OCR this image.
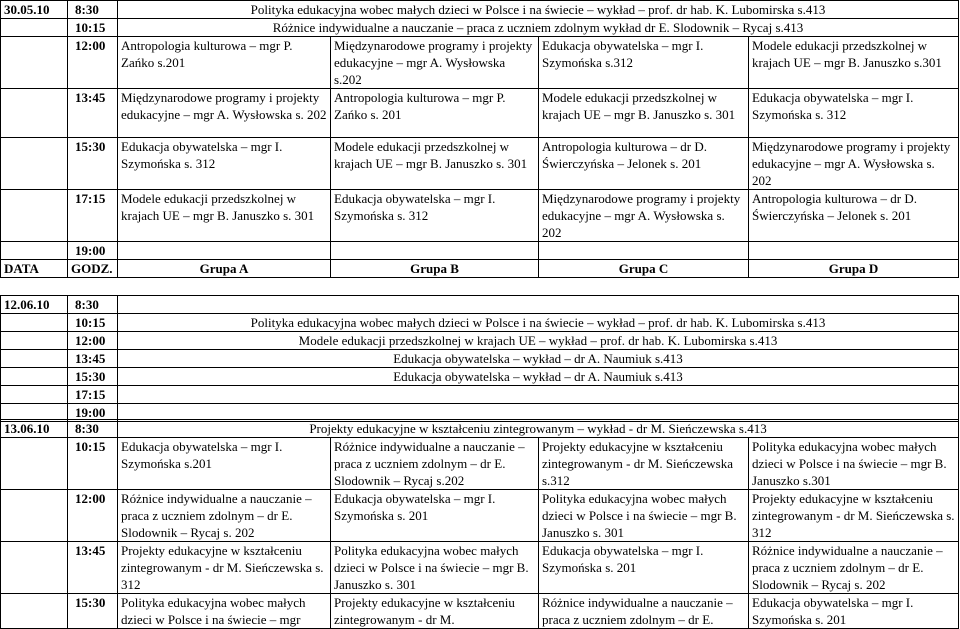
30.05.10	8:30	Polityka edukacyjna wobec małych dzieci w Polsce i na świecie – wykład – prof. dr hab. K. Lubomirska s.413			
	10:15	Różnice indywidualne a nauczanie – praca z uczniem zdolnym wykład dr E. Slodownik – Rycaj s.413			
	12:00	Antropologia kulturowa – mgr P. Zańko s.201	Międzynarodowe programy i projekty edukacyjne – mgr A. Wysłowska s.202	Edukacja obywatelska – mgr I. Szymońska s.312	Modele edukacji przedszkolnej w krajach UE – mgr B. Januszko s.301
	13:45	Międzynarodowe programy i projekty edukacyjne – mgr A. Wysłowska s. 202	Antropologia kulturowa – mgr P. Zańko s. 201	Modele edukacji przedszkolnej w krajach UE – mgr B. Januszko s. 301	Edukacja obywatelska – mgr I. Szymońska s. 312
	15:30	Edukacja obywatelska – mgr I. Szymońska s. 312	Modele edukacji przedszkolnej w krajach UE – mgr B. Januszko s. 301	Antropologia kulturowa – dr D. Świerczyńska – Jelonek s. 201	Międzynarodowe programy i projekty edukacyjne – mgr A. Wysłowska s. 202
	17:15	Modele edukacji przedszkolnej w krajach UE – mgr B. Januszko s. 301	Edukacja obywatelska – mgr I. Szymońska s. 312	Międzynarodowe programy i projekty edukacyjne – mgr A. Wysłowska s. 202	Antropologia kulturowa – dr D. Świerczyńska – Jelonek s. 201
	19:00				
DATA	GODZ.	Grupa A	Grupa B	Grupa C	Grupa D
12.06.10	8:30	
	10:15	Polityka edukacyjna wobec małych dzieci w Polsce i na świecie – wykład – prof. dr hab. K. Lubomirska s.413
	12:00	Modele edukacji przedszkolnej w krajach UE – wykład – prof. dr hab. K. Lubomirska s.413
	13:45	Edukacja obywatelska – wykład – dr A. Naumiuk s.413
	15:30	Edukacja obywatelska – wykład – dr A. Naumiuk s.413
	17:15	
	19:00	
13.06.10	8:30	Projekty edukacyjne w kształceniu zintegrowanym – wykład - dr M. Sieńczewska s.413			
	10:15	Edukacja obywatelska – mgr I. Szymońska s.201	Różnice indywidualne a nauczanie – praca z uczniem zdolnym – dr E. Slodownik – Rycaj s.202	Projekty edukacyjne w kształceniu zintegrowanym - dr M. Sieńczewska s.312	Polityka edukacyjna wobec małych dzieci w Polsce i na świecie – mgr B. Januszko s.301
	12:00	Różnice indywidualne a nauczanie – praca z uczniem zdolnym – dr E. Slodownik – Rycaj s. 202	Edukacja obywatelska – mgr I. Szymońska s. 201	Polityka edukacyjna wobec małych dzieci w Polsce i na świecie – mgr B. Januszko s. 301	Projekty edukacyjne w kształceniu zintegrowanym - dr M. Sieńczewska s. 312
	13:45	Projekty edukacyjne w kształceniu zintegrowanym - dr M. Sieńczewska s. 312	Polityka edukacyjna wobec małych dzieci w Polsce i na świecie – mgr B. Januszko s. 301	Edukacja obywatelska – mgr I. Szymońska s. 201	Różnice indywidualne a nauczanie – praca z uczniem zdolnym – dr E. Slodownik – Rycaj s. 202
	15:30	Polityka edukacyjna wobec małych dzieci w Polsce i na świecie – mgr	Projekty edukacyjne w kształceniu zintegrowanym - dr M.	Różnice indywidualne a nauczanie – praca z uczniem zdolnym – dr E.	Edukacja obywatelska – mgr I. Szymońska s. 201
